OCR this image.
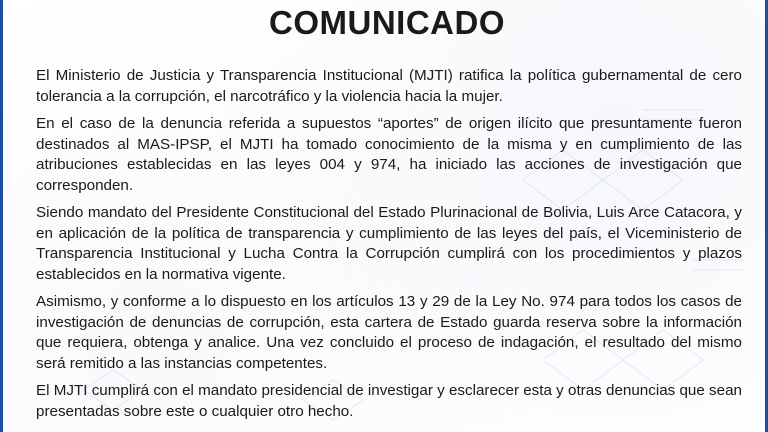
COMUNICADO

El Ministerio de Justicia y Transparencia Institucional (MJTI) ratifica la política gubernamental de cero tolerancia a la corrupción, el narcotráfico y la violencia hacia la mujer.

En el caso de la denuncia referida a supuestos “aportes” de origen ilícito que presuntamente fueron destinados al MAS-IPSP, el MJTI ha tomado conocimiento de la misma y en cumplimiento de las atribuciones establecidas en las leyes 004 y 974, ha iniciado las acciones de investigación que corresponden.

Siendo mandato del Presidente Constitucional del Estado Plurinacional de Bolivia, Luis Arce Catacora, y en aplicación de la política de transparencia y cumplimiento de las leyes del país, el Viceministerio de Transparencia Institucional y Lucha Contra la Corrupción cumplirá con los procedimientos y plazos establecidos en la normativa vigente.

Asimismo, y conforme a lo dispuesto en los artículos 13 y 29 de la Ley No. 974 para todos los casos de investigación de denuncias de corrupción, esta cartera de Estado guarda reserva sobre la información que requiera, obtenga y analice. Una vez concluido el proceso de indagación, el resultado del mismo será remitido a las instancias competentes.

El MJTI cumplirá con el mandato presidencial de investigar y esclarecer esta y otras denuncias que sean presentadas sobre este o cualquier otro hecho.
